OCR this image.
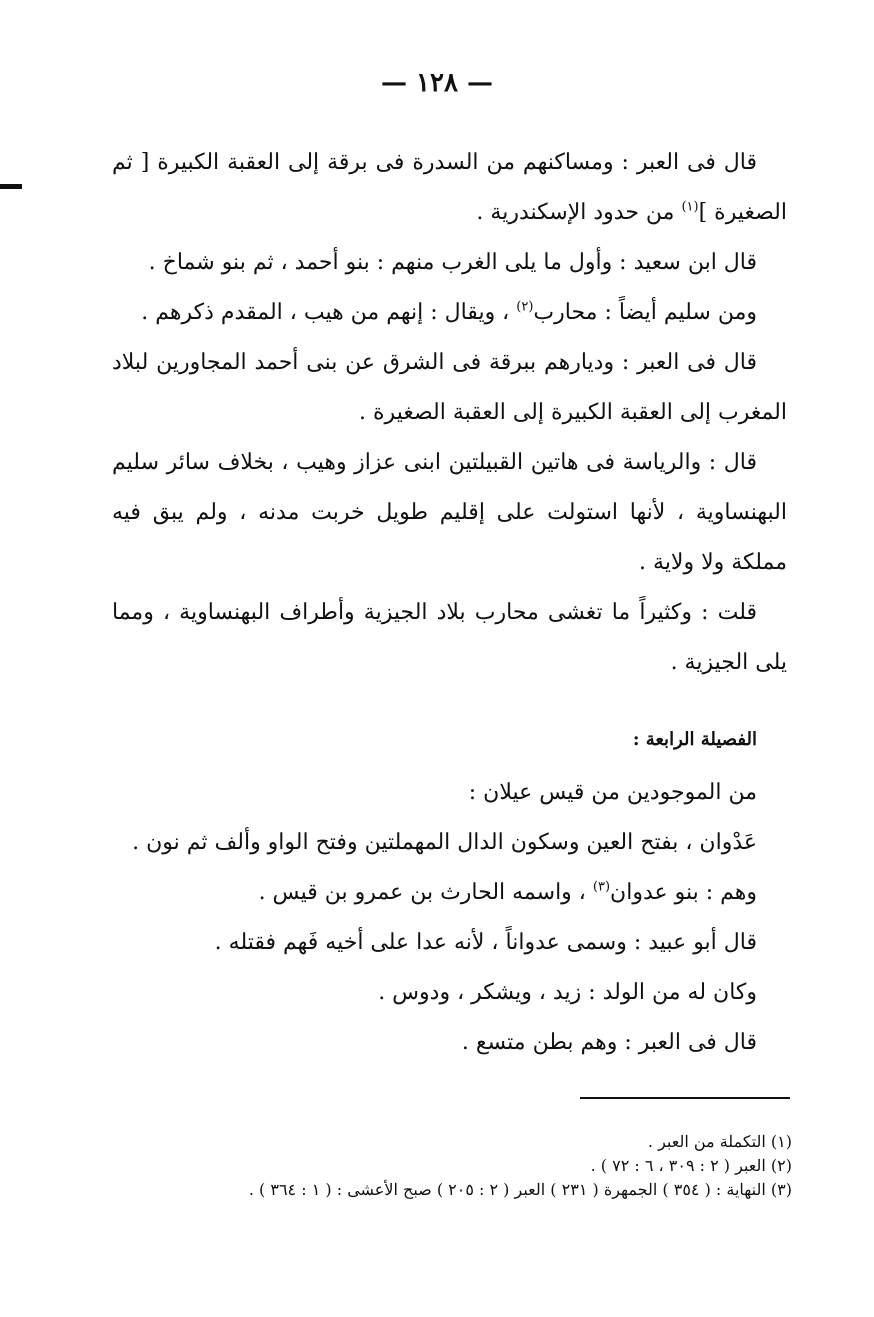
— ١٢٨ —

قال فى العبر : ومساكنهم من السدرة فى برقة إلى العقبة الكبيرة [ ثم الصغيرة ]$^{(١)}$ من حدود الإسكندرية .

قال ابن سعيد : وأول ما يلى الغرب منهم : بنو أحمد ، ثم بنو شماخ .

ومن سليم أيضاً : محارب$^{(٢)}$ ، ويقال : إنهم من هيب ، المقدم ذكرهم .

قال فى العبر : وديارهم ببرقة فى الشرق عن بنى أحمد المجاورين لبلاد المغرب إلى العقبة الكبيرة إلى العقبة الصغيرة .

قال : والرياسة فى هاتين القبيلتين ابنى عزاز وهيب ، بخلاف سائر سليم البهنساوية ، لأنها استولت على إقليم طويل خربت مدنه ، ولم يبق فيه مملكة ولا ولاية .

قلت : وكثيراً ما تغشى محارب بلاد الجيزية وأطراف البهنساوية ، ومما يلى الجيزية .

الفصيلة الرابعة :

من الموجودين من قيس عيلان :

عَدْوان ، بفتح العين وسكون الدال المهملتين وفتح الواو وألف ثم نون .

وهم : بنو عدوان$^{(٣)}$ ، واسمه الحارث بن عمرو بن قيس .

قال أبو عبيد : وسمى عدواناً ، لأنه عدا على أخيه فَهم فقتله .

وكان له من الولد : زيد ، ويشكر ، ودوس .

قال فى العبر : وهم بطن متسع .

(١) التكملة من العبر .

(٢) العبر ( ٢ : ٣٠٩ ، ٦ : ٧٢ ) .

(٣) النهاية : ( ٣٥٤ ) الجمهرة ( ٢٣١ ) العبر ( ٢ : ٢٠٥ ) صبح الأعشى : ( ١ : ٣٦٤ ) .
